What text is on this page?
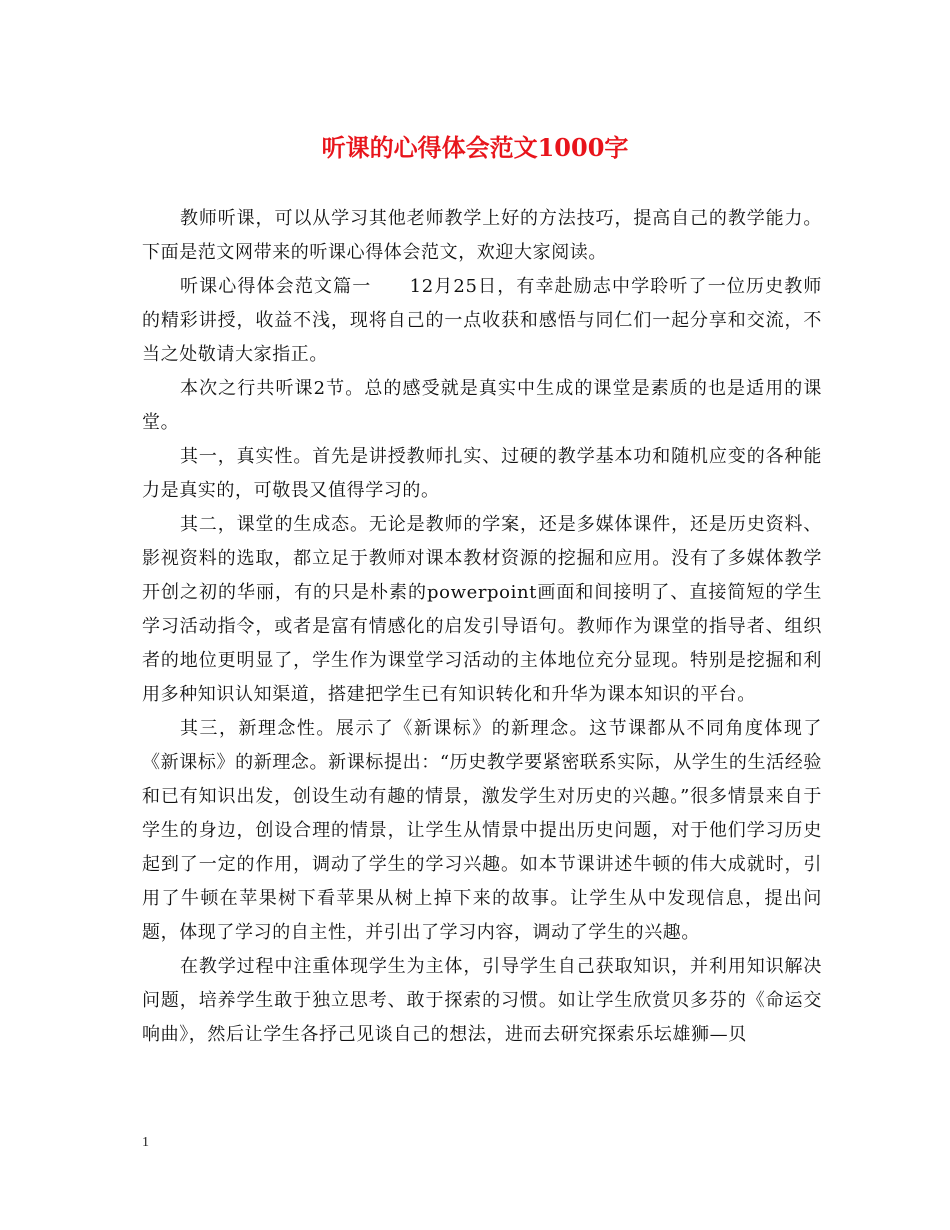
听课的心得体会范文1000字

教师听课，可以从学习其他老师教学上好的方法技巧，提高自己的教学能力。下面是范文网带来的听课心得体会范文，欢迎大家阅读。

听课心得体会范文篇一　　12月25日，有幸赴励志中学聆听了一位历史教师的精彩讲授，收益不浅，现将自己的一点收获和感悟与同仁们一起分享和交流，不当之处敬请大家指正。

本次之行共听课2节。总的感受就是真实中生成的课堂是素质的也是适用的课堂。

其一，真实性。首先是讲授教师扎实、过硬的教学基本功和随机应变的各种能力是真实的，可敬畏又值得学习的。

其二，课堂的生成态。无论是教师的学案，还是多媒体课件，还是历史资料、影视资料的选取，都立足于教师对课本教材资源的挖掘和应用。没有了多媒体教学开创之初的华丽，有的只是朴素的powerpoint画面和间接明了、直接简短的学生学习活动指令，或者是富有情感化的启发引导语句。教师作为课堂的指导者、组织者的地位更明显了，学生作为课堂学习活动的主体地位充分显现。特别是挖掘和利用多种知识认知渠道，搭建把学生已有知识转化和升华为课本知识的平台。

其三，新理念性。展示了《新课标》的新理念。这节课都从不同角度体现了《新课标》的新理念。新课标提出：“历史教学要紧密联系实际，从学生的生活经验和已有知识出发，创设生动有趣的情景，激发学生对历史的兴趣。”很多情景来自于学生的身边，创设合理的情景，让学生从情景中提出历史问题，对于他们学习历史起到了一定的作用，调动了学生的学习兴趣。如本节课讲述牛顿的伟大成就时，引用了牛顿在苹果树下看苹果从树上掉下来的故事。让学生从中发现信息，提出问题，体现了学习的自主性，并引出了学习内容，调动了学生的兴趣。

在教学过程中注重体现学生为主体，引导学生自己获取知识，并利用知识解决问题，培养学生敢于独立思考、敢于探索的习惯。如让学生欣赏贝多芬的《命运交响曲》，然后让学生各抒己见谈自己的想法，进而去研究探索乐坛雄狮—贝

1
